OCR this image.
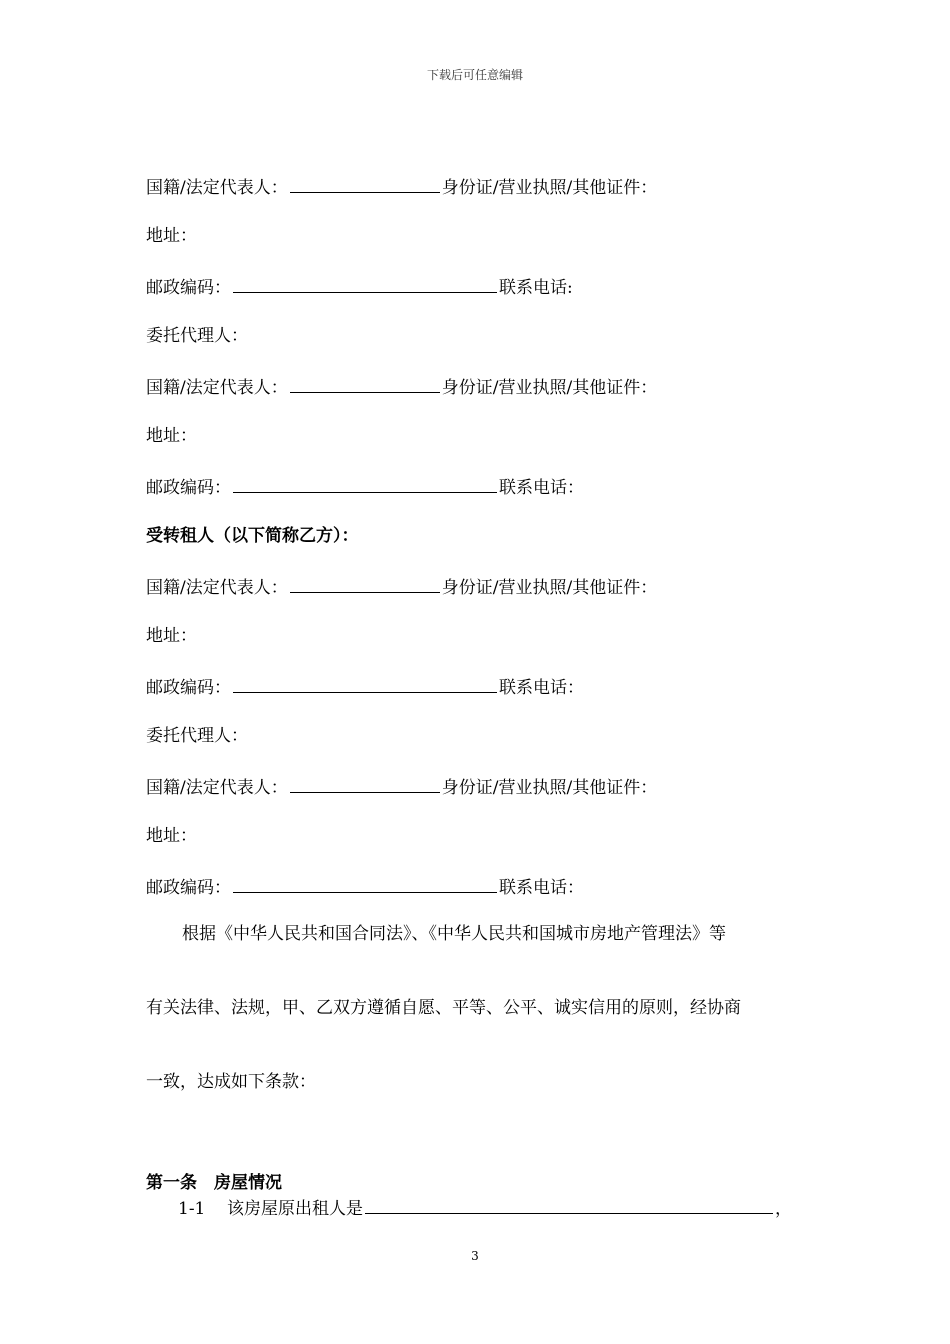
下载后可任意编辑
国籍/法定代表人：	身份证/营业执照/其他证件：
地址：
邮政编码：	联系电话:
委托代理人：
国籍/法定代表人：	身份证/营业执照/其他证件：
地址：
邮政编码：	联系电话：
受转租人（以下简称乙方）：
国籍/法定代表人：	身份证/营业执照/其他证件：
地址：
邮政编码：	联系电话：
委托代理人：
国籍/法定代表人：	身份证/营业执照/其他证件：
地址：
邮政编码：	联系电话：
根据《中华人民共和国合同法》、《中华人民共和国城市房地产管理法》等
有关法律、法规，甲、乙双方遵循自愿、平等、公平、诚实信用的原则，经协商
一致，达成如下条款：
第一条　房屋情况
1-1 该房屋原出租人是	，
3
